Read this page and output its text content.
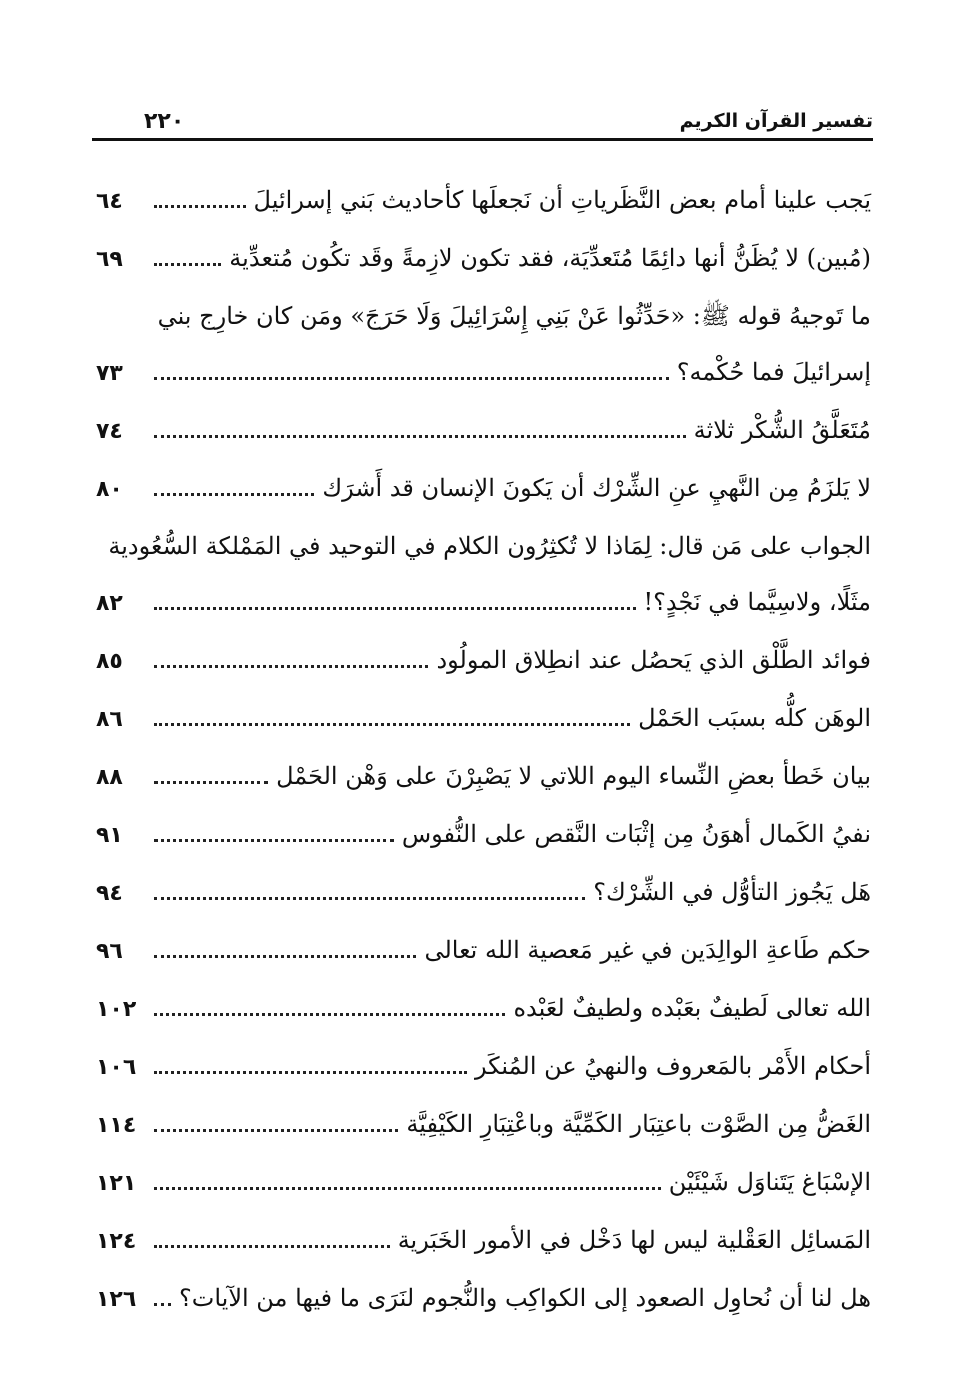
تفسير القرآن الكريم
٢٢٠
يَجب علينا أمام بعض النَّظَرياتِ أن نَجعلَها كأحاديث بَني إسرائيلَ
٦٤
(مُبين) لا يُظَنُّ أنها دائِمًا مُتَعدِّيَة، فقد تكون لازِمةً وقَد تكُون مُتعدِّية
٦٩
ما تَوجيهُ قوله ﷺ: «حَدِّثُوا عَنْ بَنِي إِسْرَائِيلَ وَلَا حَرَجَ» ومَن كان خارِج بني
إسرائيلَ فما حُكْمه؟
٧٣
مُتَعَلَّقُ الشُّكْر ثلاثة
٧٤
لا يَلزَمُ مِن النَّهيِ عنِ الشِّرْك أن يَكونَ الإنسان قد أَشرَك
٨٠
الجواب على مَن قال: لِمَاذا لا تُكثِرُون الكلام في التوحيد في المَمْلكة السُّعُودية
مثَلًا، ولاسِيَّما في نَجْدٍ؟!
٨٢
فوائد الطَّلْق الذي يَحصُل عند انطِلاق المولُود
٨٥
الوهَن كلُّه بسبَب الحَمْل
٨٦
بيان خَطأ بعضِ النِّساء اليوم اللاتي لا يَصْبِرْنَ على وَهْن الحَمْل
٨٨
نفيُ الكَمال أهوَنُ مِن إثْبَات النَّقص على النُّفوس
٩١
هَل يَجُوز التأوُّل في الشِّرْك؟
٩٤
حكم طَاعةِ الوالِدَين في غير مَعصية الله تعالى
٩٦
الله تعالى لَطيفٌ بعَبْده ولطيفٌ لعَبْده
١٠٢
أحكام الأَمْر بالمَعروف والنهيُ عن المُنكَر
١٠٦
الغَضُّ مِن الصَّوْت باعتِبَار الكَمِّيَّة وباعْتِبَارِ الكَيْفِيَّة
١١٤
الإسْبَاغ يَتَناوَل شَيْئَيْن
١٢١
المَسائِل العَقْلية ليس لها دَخْل في الأمور الخَبَرية
١٢٤
هل لنا أن نُحاوِل الصعود إلى الكواكِب والنُّجوم لنَرَى ما فيها من الآيات؟
١٢٦
